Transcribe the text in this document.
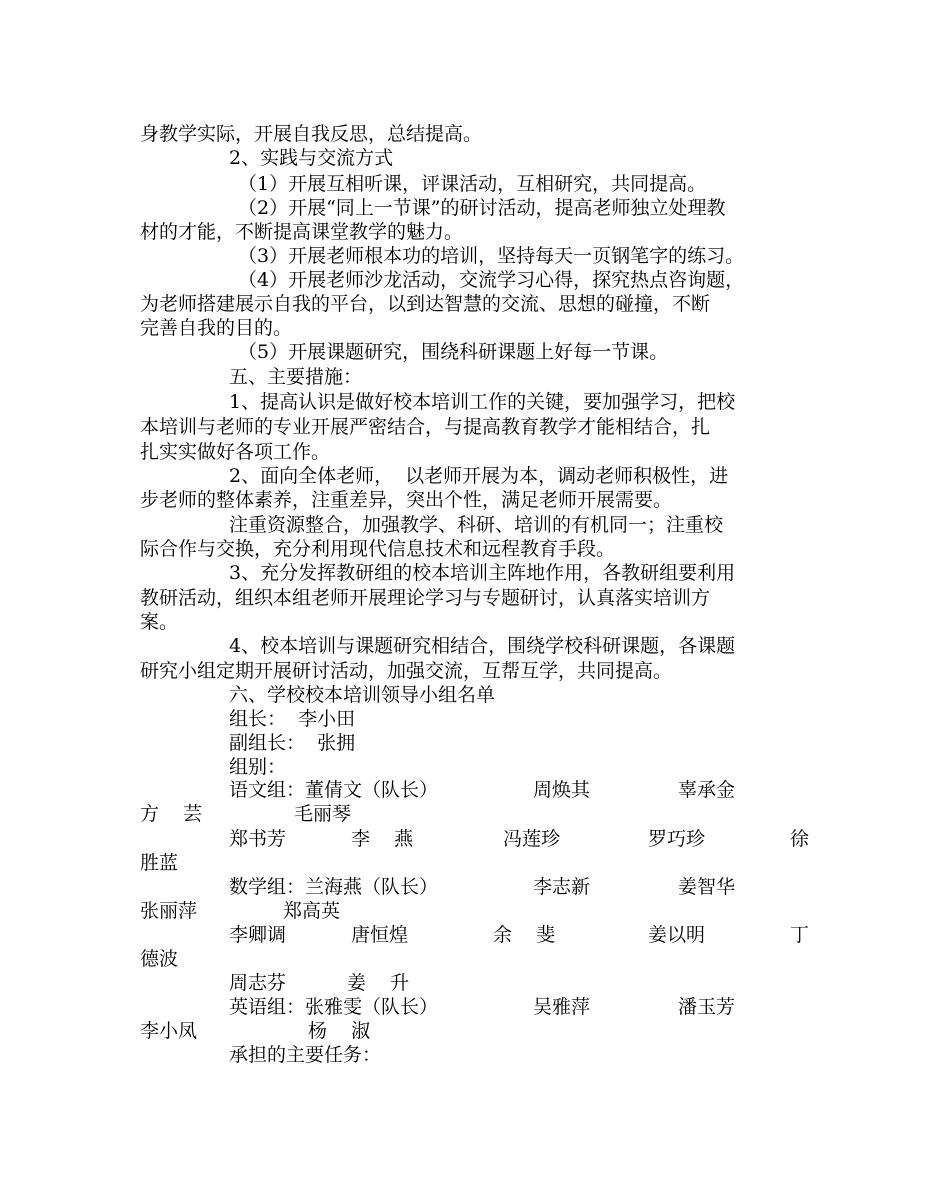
身教学实际，开展自我反思，总结提高。
2、实践与交流方式
（1）开展互相听课，评课活动，互相研究，共同提高。
（2）开展“同上一节课”的研讨活动，提高老师独立处理教
材的才能，不断提高课堂教学的魅力。
（3）开展老师根本功的培训，坚持每天一页钢笔字的练习。
（4）开展老师沙龙活动，交流学习心得，探究热点咨询题，
为老师搭建展示自我的平台，以到达智慧的交流、思想的碰撞，不断
完善自我的目的。
（5）开展课题研究，围绕科研课题上好每一节课。
五、主要措施：
1、提高认识是做好校本培训工作的关键，要加强学习，把校
本培训与老师的专业开展严密结合，与提高教育教学才能相结合，扎
扎实实做好各项工作。
2、面向全体老师，  以老师开展为本，调动老师积极性，进
步老师的整体素养，注重差异，突出个性，满足老师开展需要。
注重资源整合，加强教学、科研、培训的有机同一；注重校
际合作与交换，充分利用现代信息技术和远程教育手段。
3、充分发挥教研组的校本培训主阵地作用，各教研组要利用
教研活动，组织本组老师开展理论学习与专题研讨，认真落实培训方
案。
4、校本培训与课题研究相结合，围绕学校科研课题，各课题
研究小组定期开展研讨活动，加强交流，互帮互学，共同提高。
六、学校校本培训领导小组名单
组长：  李小田
副组长：  张拥
组别：
语文组：董倩文（队长）	周焕其	辜承金
方    芸	毛丽琴
郑书芳	李    燕	冯莲珍	罗巧珍	徐
胜蓝
数学组：兰海燕（队长）	李志新	姜智华
张丽萍	郑高英
李卿调	唐恒煌	余    斐	姜以明	丁
德波
周志芬	姜    升
英语组：张雅雯（队长）	吴雅萍	潘玉芳
李小凤	杨    淑
承担的主要任务：
